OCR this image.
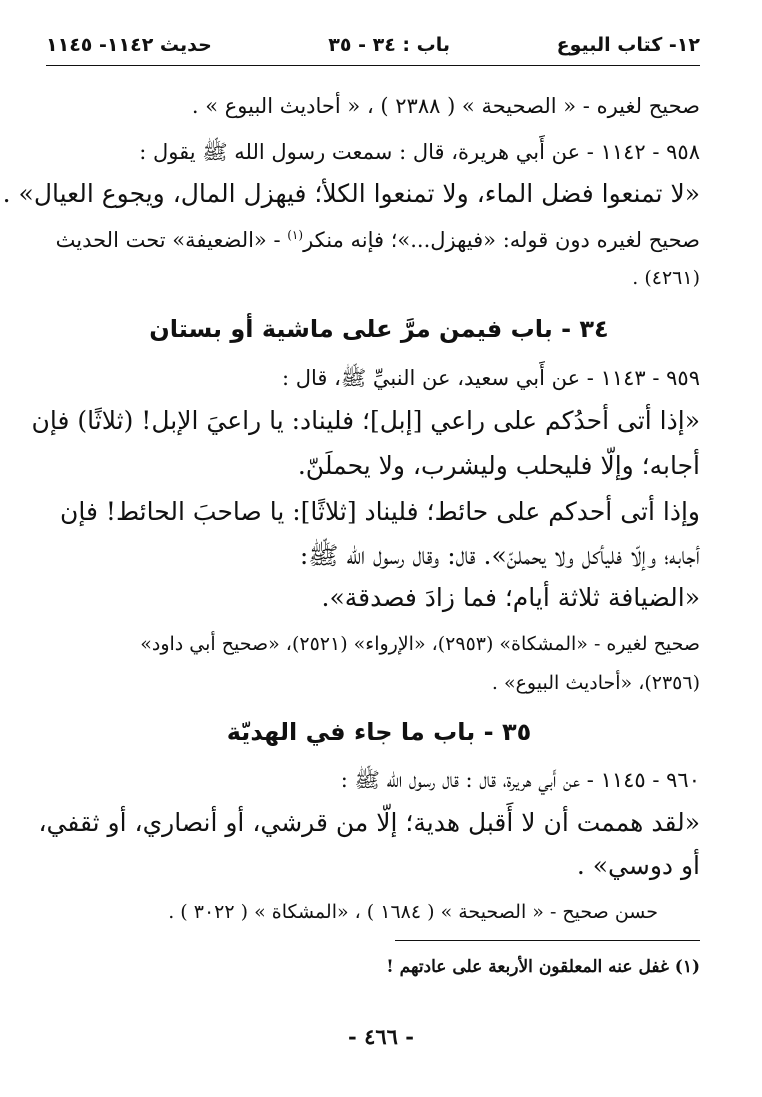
١٢- كتاب البيوع
باب : ٣٤ - ٣٥
حديث ١١٤٢- ١١٤٥
صحيح لغيره - « الصحيحة » ( ٢٣٨٨ ) ، « أحاديث البيوع » .
٩٥٨ - ١١٤٢ - عن أَبي هريرة، قال : سمعت رسول الله ﷺ يقول :
«لا تمنعوا فضل الماء، ولا تمنعوا الكلأ؛ فيهزل المال، ويجوع العيال» .
صحيح لغيره دون قوله: «فيهزل...»؛ فإنه منكر$^{(١)}$ - «الضعيفة» تحت الحديث
(٤٢٦١) .
٣٤ - باب فيمن مرَّ على ماشية أو بستان
٩٥٩ - ١١٤٣ - عن أَبي سعيد، عن النبيِّ ﷺ، قال :
«إذا أتى أحدُكم على راعي [إبل]؛ فليناد: يا راعيَ الإبل! (ثلاثًا) فإن
أجابه؛ وإلّا فليحلب وليشرب، ولا يحملَنّ.
وإذا أتى أحدكم على حائط؛ فليناد [ثلاثًا]: يا صاحبَ الحائط! فإن
أجابه؛ وإلّا فليأكل ولا يحملنّ». قال: وقال رسول الله ﷺ:
«الضيافة ثلاثة أيام؛ فما زادَ فصدقة».
صحيح لغيره - «المشكاة» (٢٩٥٣)، «الإرواء» (٢٥٢١)، «صحيح أبي داود»
(٢٣٥٦)، «أحاديث البيوع» .
٣٥ - باب ما جاء في الهديّة
٩٦٠ - ١١٤٥ - عن أَبي هريرة، قال : قال رسول الله ﷺ :
«لقد هممت أن لا أَقبل هدية؛ إلّا من قرشي، أو أنصاري، أو ثقفي،
أو دوسي» .
حسن صحيح - « الصحيحة » ( ١٦٨٤ ) ، «المشكاة » ( ٣٠٢٢ ) .
(١) غفل عنه المعلقون الأربعة على عادتهم !
- ٤٦٦ -
